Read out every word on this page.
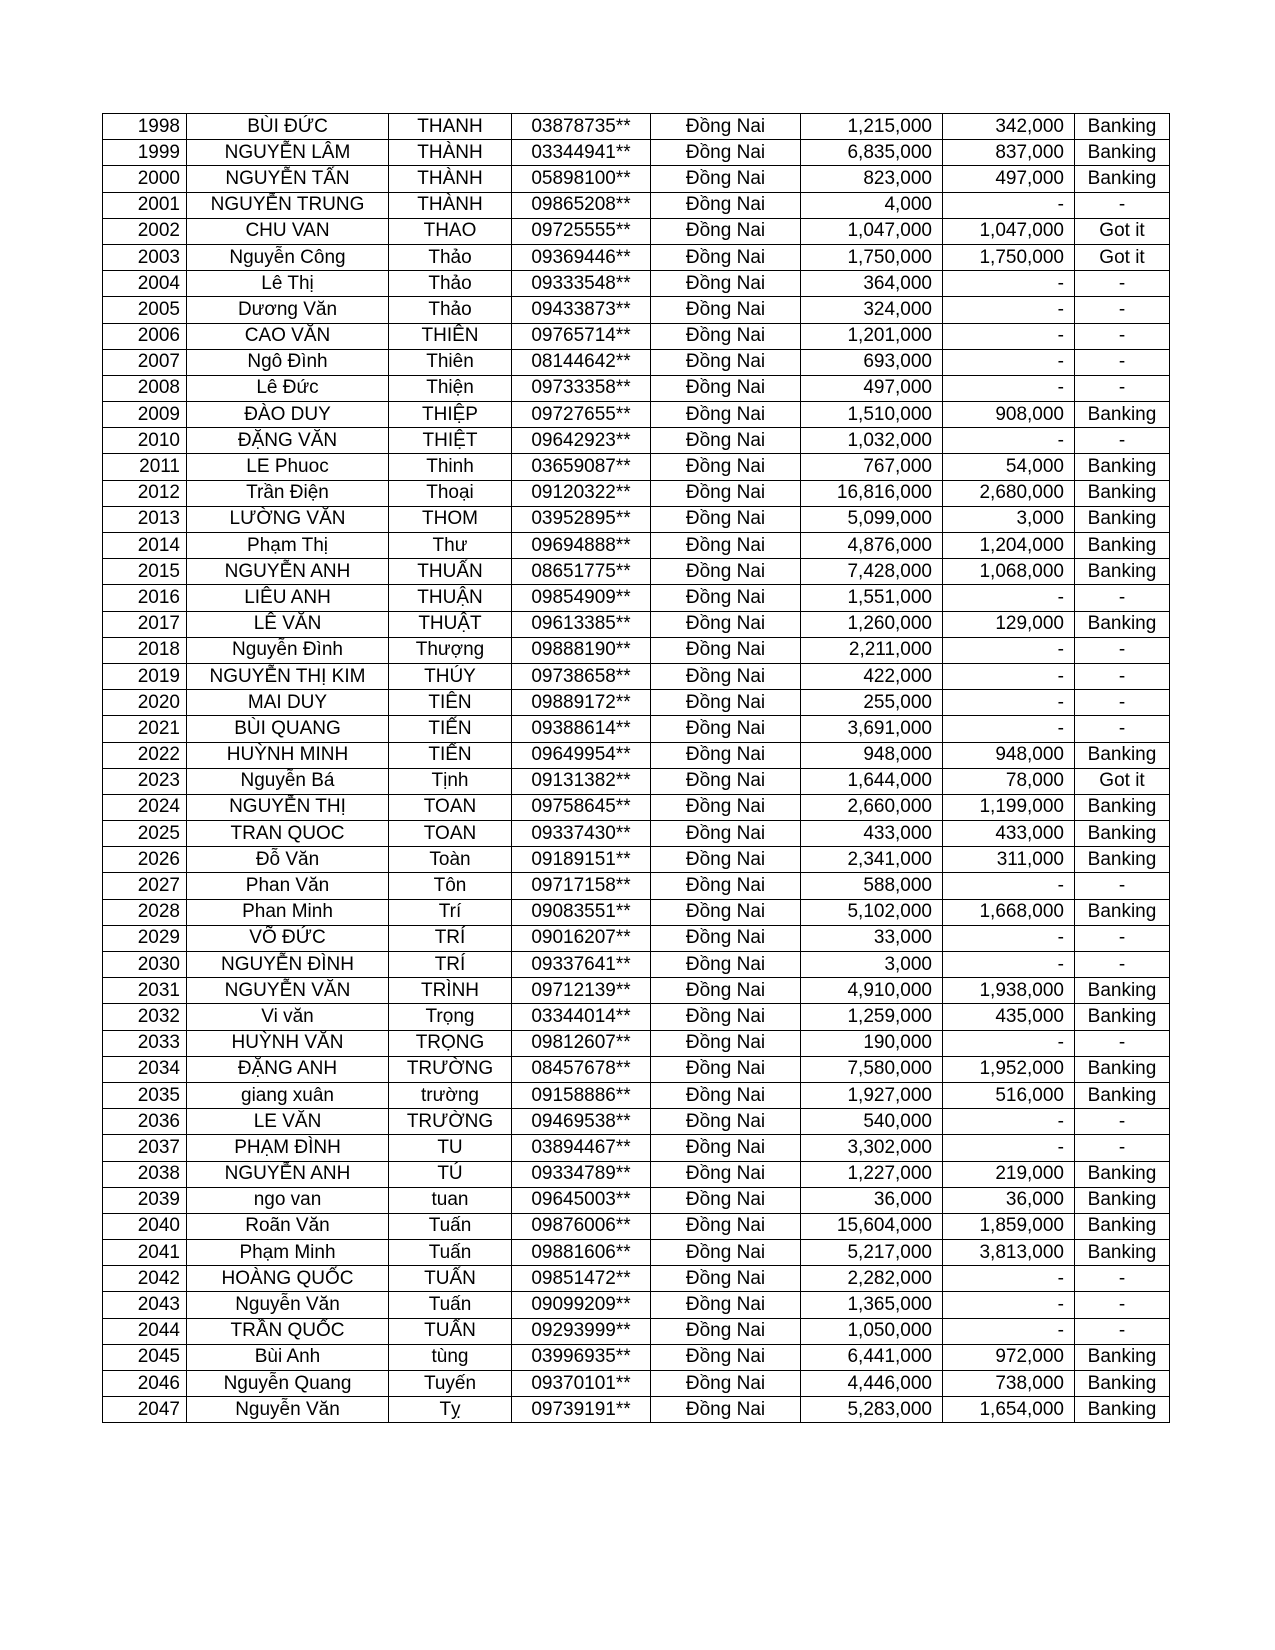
1998	BÙI ĐỨC	THANH	03878735**	Đồng Nai	1,215,000	342,000	Banking
1999	NGUYỄN LÂM	THÀNH	03344941**	Đồng Nai	6,835,000	837,000	Banking
2000	NGUYỄN TẤN	THÀNH	05898100**	Đồng Nai	823,000	497,000	Banking
2001	NGUYỄN TRUNG	THÀNH	09865208**	Đồng Nai	4,000	-	-
2002	CHU VAN	THAO	09725555**	Đồng Nai	1,047,000	1,047,000	Got it
2003	Nguyễn Công	Thảo	09369446**	Đồng Nai	1,750,000	1,750,000	Got it
2004	Lê Thị	Thảo	09333548**	Đồng Nai	364,000	-	-
2005	Dương Văn	Thảo	09433873**	Đồng Nai	324,000	-	-
2006	CAO VĂN	THIÊN	09765714**	Đồng Nai	1,201,000	-	-
2007	Ngô Đình	Thiên	08144642**	Đồng Nai	693,000	-	-
2008	Lê Đức	Thiện	09733358**	Đồng Nai	497,000	-	-
2009	ĐÀO DUY	THIỆP	09727655**	Đồng Nai	1,510,000	908,000	Banking
2010	ĐẶNG VĂN	THIỆT	09642923**	Đồng Nai	1,032,000	-	-
2011	LE Phuoc	Thinh	03659087**	Đồng Nai	767,000	54,000	Banking
2012	Trần Điện	Thoại	09120322**	Đồng Nai	16,816,000	2,680,000	Banking
2013	LƯỜNG VĂN	THOM	03952895**	Đồng Nai	5,099,000	3,000	Banking
2014	Phạm Thị	Thư	09694888**	Đồng Nai	4,876,000	1,204,000	Banking
2015	NGUYỄN ANH	THUẤN	08651775**	Đồng Nai	7,428,000	1,068,000	Banking
2016	LIÊU ANH	THUẬN	09854909**	Đồng Nai	1,551,000	-	-
2017	LÊ VĂN	THUẬT	09613385**	Đồng Nai	1,260,000	129,000	Banking
2018	Nguyễn Đình	Thượng	09888190**	Đồng Nai	2,211,000	-	-
2019	NGUYỄN THỊ KIM	THÚY	09738658**	Đồng Nai	422,000	-	-
2020	MAI DUY	TIÊN	09889172**	Đồng Nai	255,000	-	-
2021	BÙI QUANG	TIẾN	09388614**	Đồng Nai	3,691,000	-	-
2022	HUỲNH MINH	TIẾN	09649954**	Đồng Nai	948,000	948,000	Banking
2023	Nguyễn Bá	Tịnh	09131382**	Đồng Nai	1,644,000	78,000	Got it
2024	NGUYỄN THỊ	TOAN	09758645**	Đồng Nai	2,660,000	1,199,000	Banking
2025	TRAN QUOC	TOAN	09337430**	Đồng Nai	433,000	433,000	Banking
2026	Đỗ Văn	Toàn	09189151**	Đồng Nai	2,341,000	311,000	Banking
2027	Phan Văn	Tôn	09717158**	Đồng Nai	588,000	-	-
2028	Phan Minh	Trí	09083551**	Đồng Nai	5,102,000	1,668,000	Banking
2029	VÕ ĐỨC	TRÍ	09016207**	Đồng Nai	33,000	-	-
2030	NGUYỄN ĐÌNH	TRÍ	09337641**	Đồng Nai	3,000	-	-
2031	NGUYỄN VĂN	TRÌNH	09712139**	Đồng Nai	4,910,000	1,938,000	Banking
2032	Vi văn	Trọng	03344014**	Đồng Nai	1,259,000	435,000	Banking
2033	HUỲNH VĂN	TRỌNG	09812607**	Đồng Nai	190,000	-	-
2034	ĐẶNG ANH	TRƯỜNG	08457678**	Đồng Nai	7,580,000	1,952,000	Banking
2035	giang xuân	trường	09158886**	Đồng Nai	1,927,000	516,000	Banking
2036	LE VĂN	TRƯỜNG	09469538**	Đồng Nai	540,000	-	-
2037	PHẠM ĐÌNH	TU	03894467**	Đồng Nai	3,302,000	-	-
2038	NGUYỄN ANH	TÚ	09334789**	Đồng Nai	1,227,000	219,000	Banking
2039	ngo van	tuan	09645003**	Đồng Nai	36,000	36,000	Banking
2040	Roãn Văn	Tuấn	09876006**	Đồng Nai	15,604,000	1,859,000	Banking
2041	Phạm Minh	Tuấn	09881606**	Đồng Nai	5,217,000	3,813,000	Banking
2042	HOÀNG QUỐC	TUẤN	09851472**	Đồng Nai	2,282,000	-	-
2043	Nguyễn Văn	Tuấn	09099209**	Đồng Nai	1,365,000	-	-
2044	TRẦN QUỐC	TUẤN	09293999**	Đồng Nai	1,050,000	-	-
2045	Bùi Anh	tùng	03996935**	Đồng Nai	6,441,000	972,000	Banking
2046	Nguyễn Quang	Tuyến	09370101**	Đồng Nai	4,446,000	738,000	Banking
2047	Nguyễn Văn	Tỵ	09739191**	Đồng Nai	5,283,000	1,654,000	Banking
